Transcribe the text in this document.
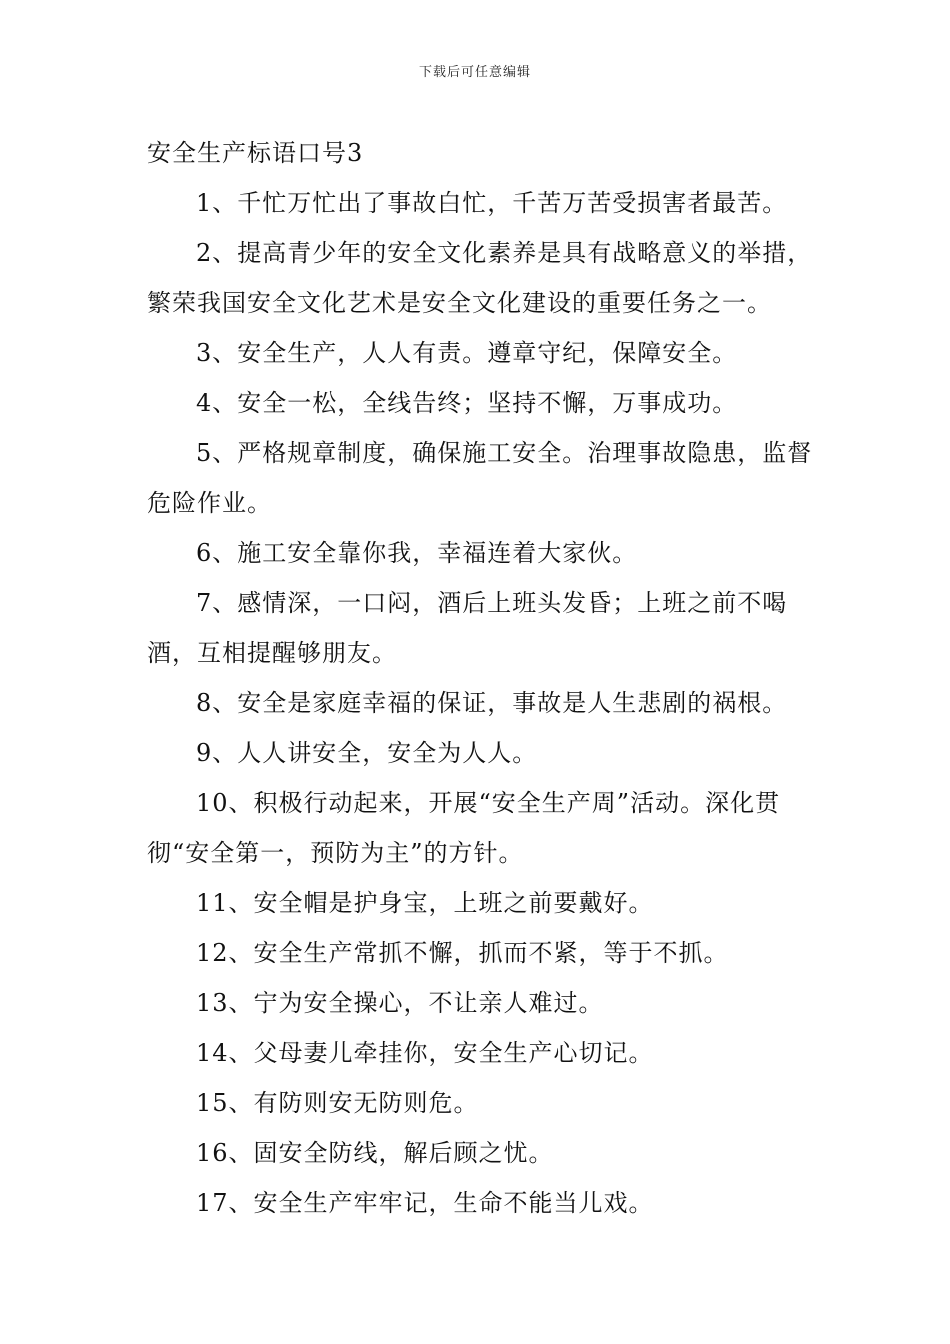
下载后可任意编辑
安全生产标语口号3
1、千忙万忙出了事故白忙，千苦万苦受损害者最苦。
2、提高青少年的安全文化素养是具有战略意义的举措，繁荣我国安全文化艺术是安全文化建设的重要任务之一。
3、安全生产，人人有责。遵章守纪，保障安全。
4、安全一松，全线告终；坚持不懈，万事成功。
5、严格规章制度，确保施工安全。治理事故隐患，监督危险作业。
6、施工安全靠你我，幸福连着大家伙。
7、感情深，一口闷，酒后上班头发昏；上班之前不喝酒，互相提醒够朋友。
8、安全是家庭幸福的保证，事故是人生悲剧的祸根。
9、人人讲安全，安全为人人。
10、积极行动起来，开展“安全生产周”活动。深化贯彻“安全第一，预防为主”的方针。
11、安全帽是护身宝，上班之前要戴好。
12、安全生产常抓不懈，抓而不紧，等于不抓。
13、宁为安全操心，不让亲人难过。
14、父母妻儿牵挂你，安全生产心切记。
15、有防则安无防则危。
16、固安全防线，解后顾之忧。
17、安全生产牢牢记，生命不能当儿戏。
